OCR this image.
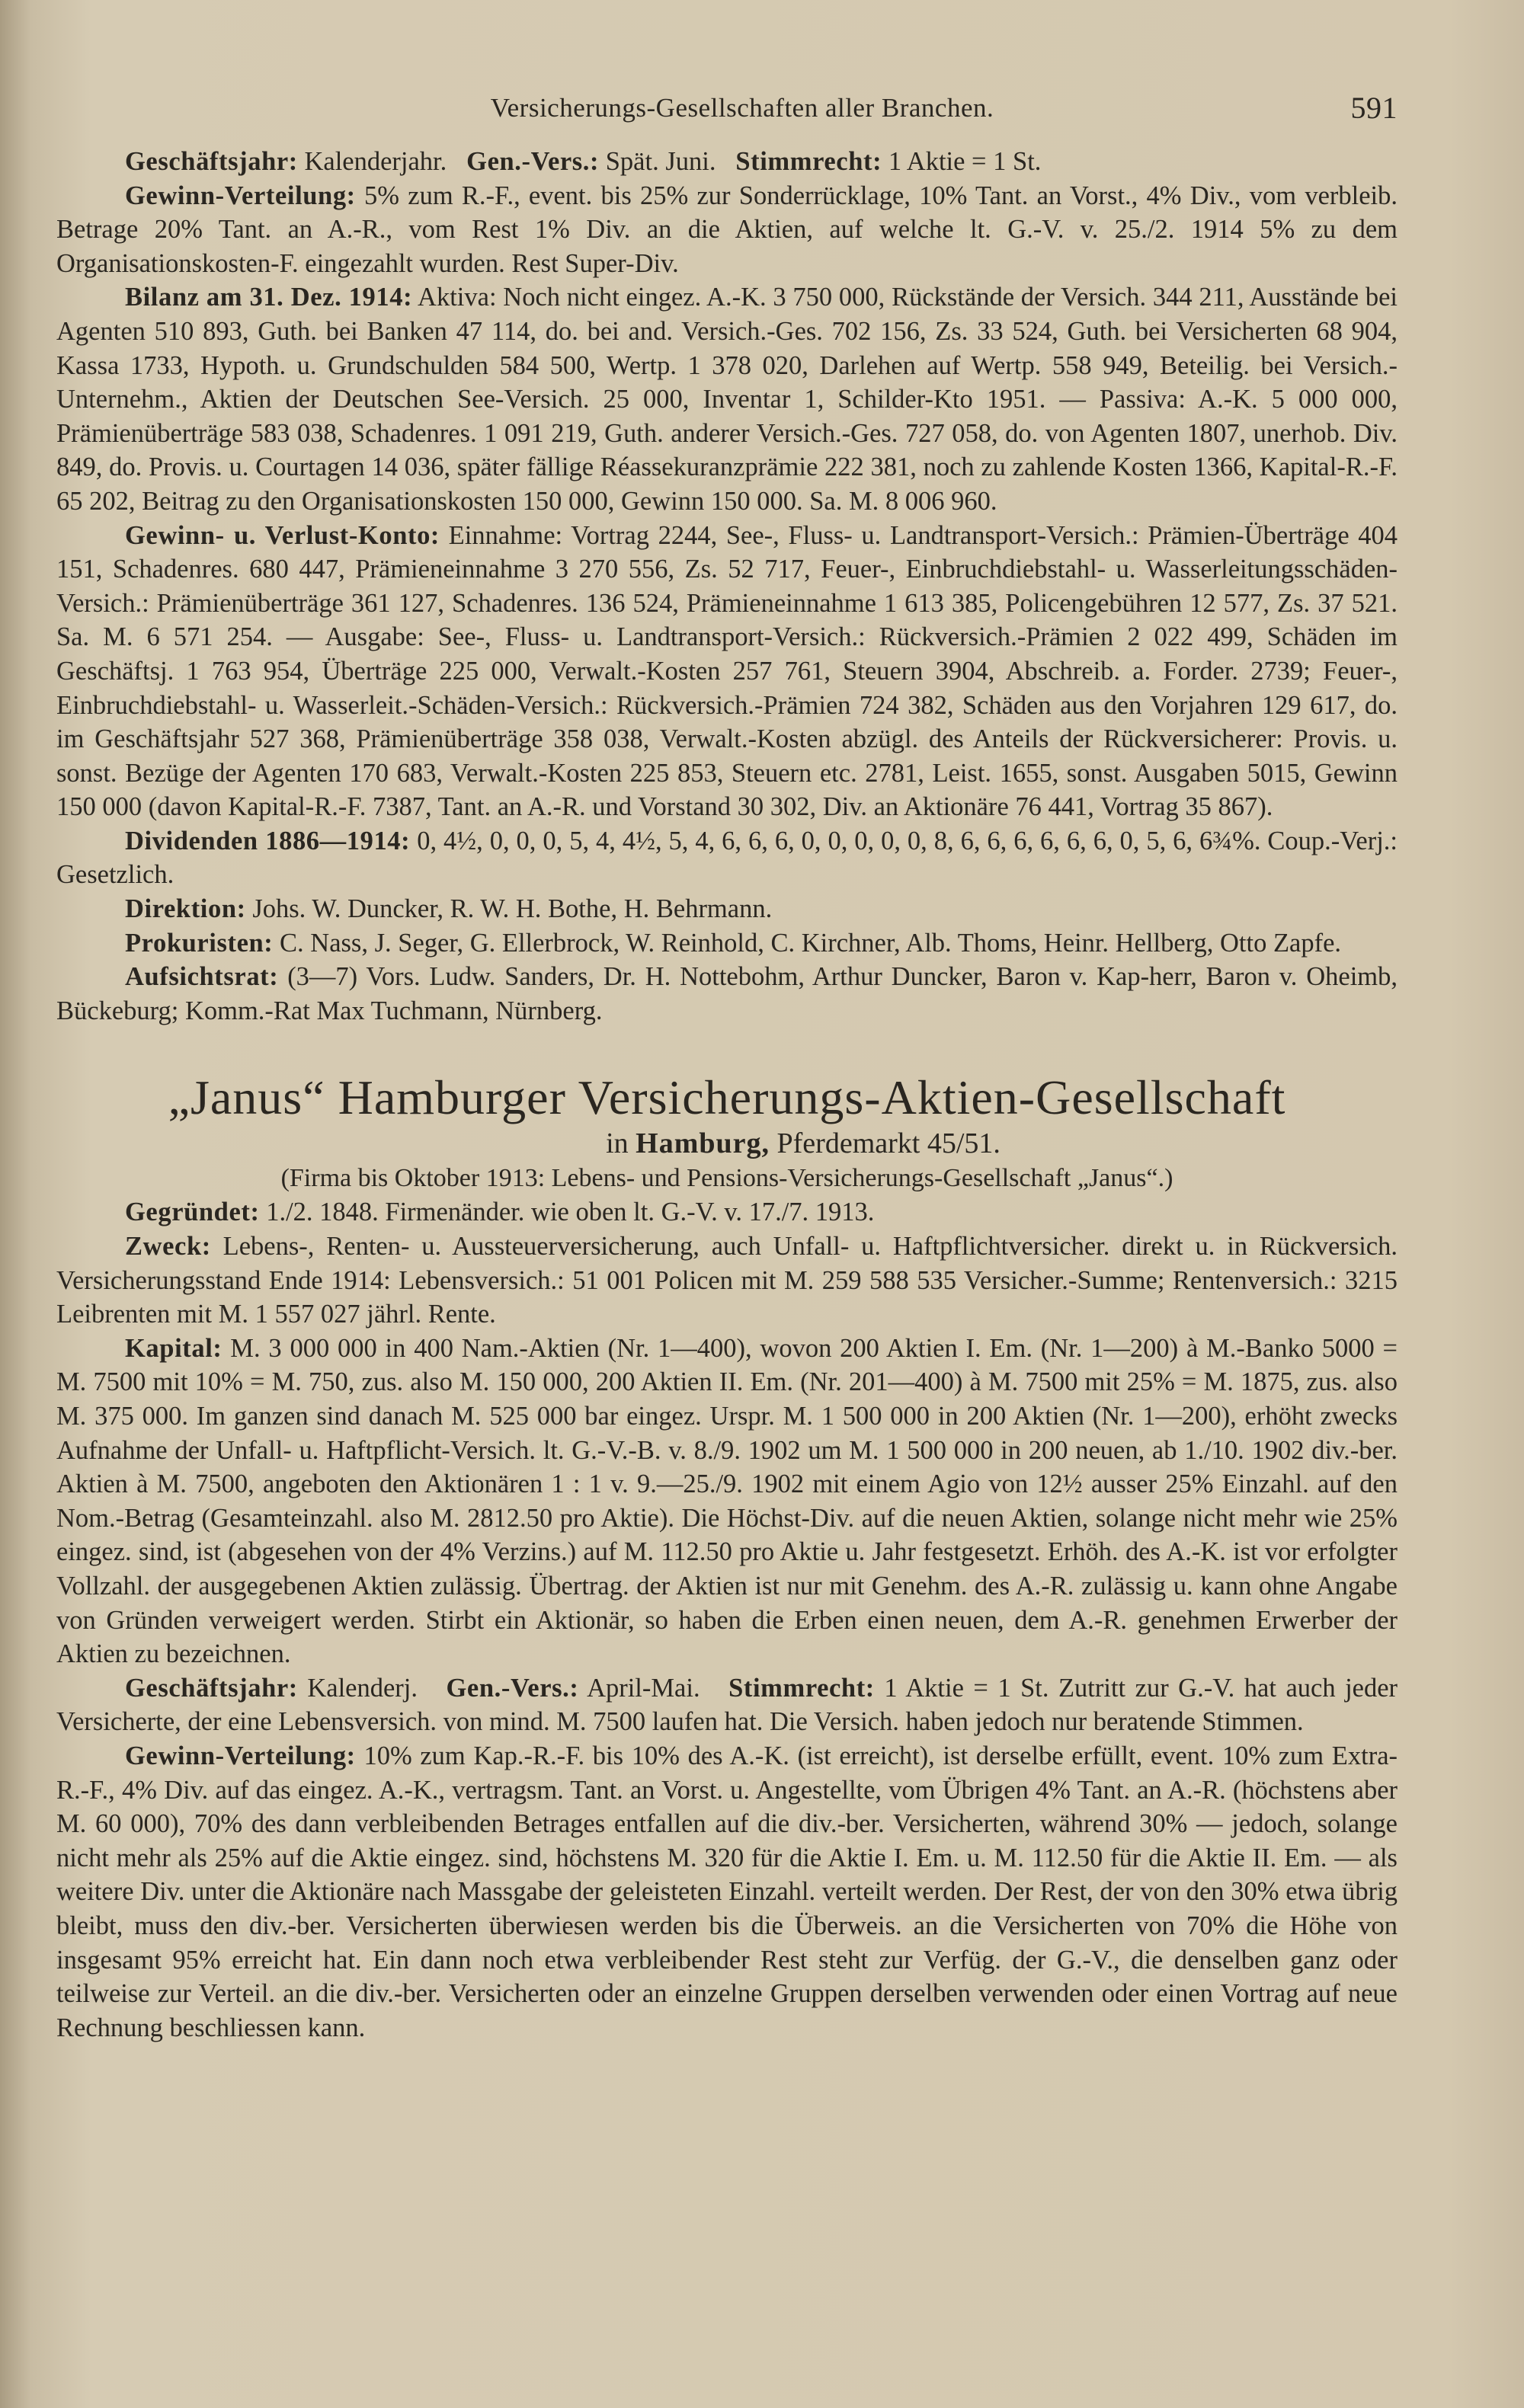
Versicherungs-Gesellschaften aller Branchen.	591

Geschäftsjahr: Kalenderjahr. Gen.-Vers.: Spät. Juni. Stimmrecht: 1 Aktie = 1 St.

Gewinn-Verteilung: 5% zum R.-F., event. bis 25% zur Sonderrücklage, 10% Tant. an Vorst., 4% Div., vom verbleib. Betrage 20% Tant. an A.-R., vom Rest 1% Div. an die Aktien, auf welche lt. G.-V. v. 25./2. 1914 5% zu dem Organisationskosten-F. eingezahlt wurden. Rest Super-Div.

Bilanz am 31. Dez. 1914: Aktiva: Noch nicht eingez. A.-K. 3 750 000, Rückstände der Versich. 344 211, Ausstände bei Agenten 510 893, Guth. bei Banken 47 114, do. bei and. Versich.-Ges. 702 156, Zs. 33 524, Guth. bei Versicherten 68 904, Kassa 1733, Hypoth. u. Grundschulden 584 500, Wertp. 1 378 020, Darlehen auf Wertp. 558 949, Beteilig. bei Versich.-Unternehm., Aktien der Deutschen See-Versich. 25 000, Inventar 1, Schilder-Kto 1951. — Passiva: A.-K. 5 000 000, Prämienüberträge 583 038, Schadenres. 1 091 219, Guth. anderer Versich.-Ges. 727 058, do. von Agenten 1807, unerhob. Div. 849, do. Provis. u. Courtagen 14 036, später fällige Réassekuranzprämie 222 381, noch zu zahlende Kosten 1366, Kapital-R.-F. 65 202, Beitrag zu den Organisationskosten 150 000, Gewinn 150 000. Sa. M. 8 006 960.

Gewinn- u. Verlust-Konto: Einnahme: Vortrag 2244, See-, Fluss- u. Landtransport-Versich.: Prämien-Überträge 404 151, Schadenres. 680 447, Prämieneinnahme 3 270 556, Zs. 52 717, Feuer-, Einbruchdiebstahl- u. Wasserleitungsschäden-Versich.: Prämienüberträge 361 127, Schadenres. 136 524, Prämieneinnahme 1 613 385, Policengebühren 12 577, Zs. 37 521. Sa. M. 6 571 254. — Ausgabe: See-, Fluss- u. Landtransport-Versich.: Rückversich.-Prämien 2 022 499, Schäden im Geschäftsj. 1 763 954, Überträge 225 000, Verwalt.-Kosten 257 761, Steuern 3904, Abschreib. a. Forder. 2739; Feuer-, Einbruchdiebstahl- u. Wasserleit.-Schäden-Versich.: Rückversich.-Prämien 724 382, Schäden aus den Vorjahren 129 617, do. im Geschäftsjahr 527 368, Prämienüberträge 358 038, Verwalt.-Kosten abzügl. des Anteils der Rückversicherer: Provis. u. sonst. Bezüge der Agenten 170 683, Verwalt.-Kosten 225 853, Steuern etc. 2781, Leist. 1655, sonst. Ausgaben 5015, Gewinn 150 000 (davon Kapital-R.-F. 7387, Tant. an A.-R. und Vorstand 30 302, Div. an Aktionäre 76 441, Vortrag 35 867).

Dividenden 1886—1914: 0, 4½, 0, 0, 0, 5, 4, 4½, 5, 4, 6, 6, 6, 0, 0, 0, 0, 0, 8, 6, 6, 6, 6, 6, 6, 0, 5, 6, 6¾%. Coup.-Verj.: Gesetzlich.

Direktion: Johs. W. Duncker, R. W. H. Bothe, H. Behrmann.

Prokuristen: C. Nass, J. Seger, G. Ellerbrock, W. Reinhold, C. Kirchner, Alb. Thoms, Heinr. Hellberg, Otto Zapfe.

Aufsichtsrat: (3—7) Vors. Ludw. Sanders, Dr. H. Nottebohm, Arthur Duncker, Baron v. Kap-herr, Baron v. Oheimb, Bückeburg; Komm.-Rat Max Tuchmann, Nürnberg.

„Janus“ Hamburger Versicherungs-Aktien-Gesellschaft
in Hamburg, Pferdemarkt 45/51.
(Firma bis Oktober 1913: Lebens- und Pensions-Versicherungs-Gesellschaft „Janus“.)

Gegründet: 1./2. 1848. Firmenänder. wie oben lt. G.-V. v. 17./7. 1913.

Zweck: Lebens-, Renten- u. Aussteuerversicherung, auch Unfall- u. Haftpflichtversicher. direkt u. in Rückversich. Versicherungsstand Ende 1914: Lebensversich.: 51 001 Policen mit M. 259 588 535 Versicher.-Summe; Rentenversich.: 3215 Leibrenten mit M. 1 557 027 jährl. Rente.

Kapital: M. 3 000 000 in 400 Nam.-Aktien (Nr. 1—400), wovon 200 Aktien I. Em. (Nr. 1—200) à M.-Banko 5000 = M. 7500 mit 10% = M. 750, zus. also M. 150 000, 200 Aktien II. Em. (Nr. 201—400) à M. 7500 mit 25% = M. 1875, zus. also M. 375 000. Im ganzen sind danach M. 525 000 bar eingez. Urspr. M. 1 500 000 in 200 Aktien (Nr. 1—200), erhöht zwecks Aufnahme der Unfall- u. Haftpflicht-Versich. lt. G.-V.-B. v. 8./9. 1902 um M. 1 500 000 in 200 neuen, ab 1./10. 1902 div.-ber. Aktien à M. 7500, angeboten den Aktionären 1 : 1 v. 9.—25./9. 1902 mit einem Agio von 12½ ausser 25% Einzahl. auf den Nom.-Betrag (Gesamteinzahl. also M. 2812.50 pro Aktie). Die Höchst-Div. auf die neuen Aktien, solange nicht mehr wie 25% eingez. sind, ist (abgesehen von der 4% Verzins.) auf M. 112.50 pro Aktie u. Jahr festgesetzt. Erhöh. des A.-K. ist vor erfolgter Vollzahl. der ausgegebenen Aktien zulässig. Übertrag. der Aktien ist nur mit Genehm. des A.-R. zulässig u. kann ohne Angabe von Gründen verweigert werden. Stirbt ein Aktionär, so haben die Erben einen neuen, dem A.-R. genehmen Erwerber der Aktien zu bezeichnen.

Geschäftsjahr: Kalenderj. Gen.-Vers.: April-Mai. Stimmrecht: 1 Aktie = 1 St. Zutritt zur G.-V. hat auch jeder Versicherte, der eine Lebensversich. von mind. M. 7500 laufen hat. Die Versich. haben jedoch nur beratende Stimmen.

Gewinn-Verteilung: 10% zum Kap.-R.-F. bis 10% des A.-K. (ist erreicht), ist derselbe erfüllt, event. 10% zum Extra-R.-F., 4% Div. auf das eingez. A.-K., vertragsm. Tant. an Vorst. u. Angestellte, vom Übrigen 4% Tant. an A.-R. (höchstens aber M. 60 000), 70% des dann verbleibenden Betrages entfallen auf die div.-ber. Versicherten, während 30% — jedoch, solange nicht mehr als 25% auf die Aktie eingez. sind, höchstens M. 320 für die Aktie I. Em. u. M. 112.50 für die Aktie II. Em. — als weitere Div. unter die Aktionäre nach Massgabe der geleisteten Einzahl. verteilt werden. Der Rest, der von den 30% etwa übrig bleibt, muss den div.-ber. Versicherten überwiesen werden bis die Überweis. an die Versicherten von 70% die Höhe von insgesamt 95% erreicht hat. Ein dann noch etwa verbleibender Rest steht zur Verfüg. der G.-V., die denselben ganz oder teilweise zur Verteil. an die div.-ber. Versicherten oder an einzelne Gruppen derselben verwenden oder einen Vortrag auf neue Rechnung beschliessen kann.
